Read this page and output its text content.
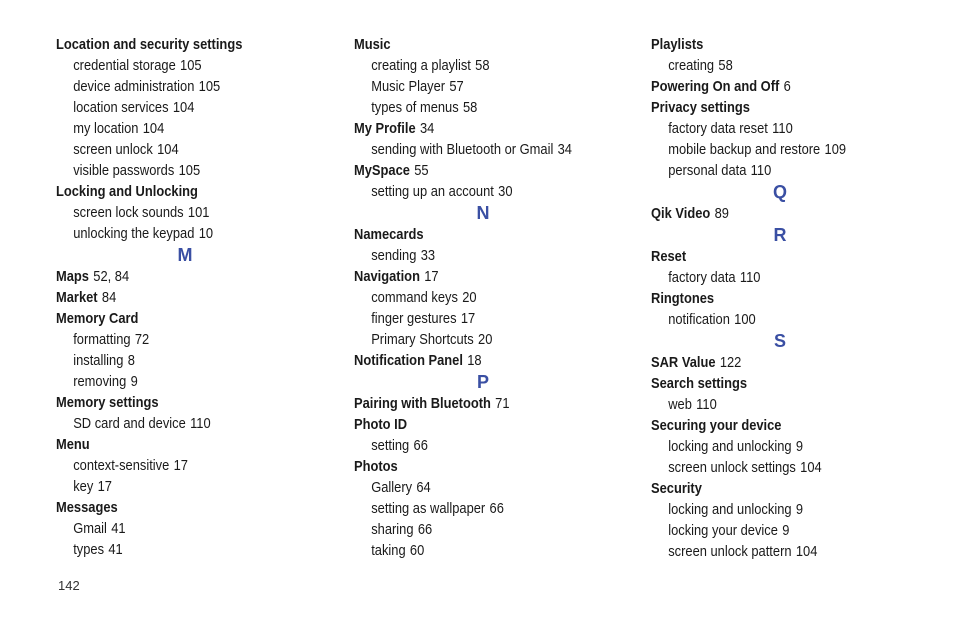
Location and security settings
credential storage 105
device administration 105
location services 104
my location 104
screen unlock 104
visible passwords 105
Locking and Unlocking
screen lock sounds 101
unlocking the keypad 10
M
Maps 52, 84
Market 84
Memory Card
formatting 72
installing 8
removing 9
Memory settings
SD card and device 110
Menu
context-sensitive 17
key 17
Messages
Gmail 41
types 41
Music
creating a playlist 58
Music Player 57
types of menus 58
My Profile 34
sending with Bluetooth or Gmail 34
MySpace 55
setting up an account 30
N
Namecards
sending 33
Navigation 17
command keys 20
finger gestures 17
Primary Shortcuts 20
Notification Panel 18
P
Pairing with Bluetooth 71
Photo ID
setting 66
Photos
Gallery 64
setting as wallpaper 66
sharing 66
taking 60
Playlists
creating 58
Powering On and Off 6
Privacy settings
factory data reset 110
mobile backup and restore 109
personal data 110
Q
Qik Video 89
R
Reset
factory data 110
Ringtones
notification 100
S
SAR Value 122
Search settings
web 110
Securing your device
locking and unlocking 9
screen unlock settings 104
Security
locking and unlocking 9
locking your device 9
screen unlock pattern 104
142
